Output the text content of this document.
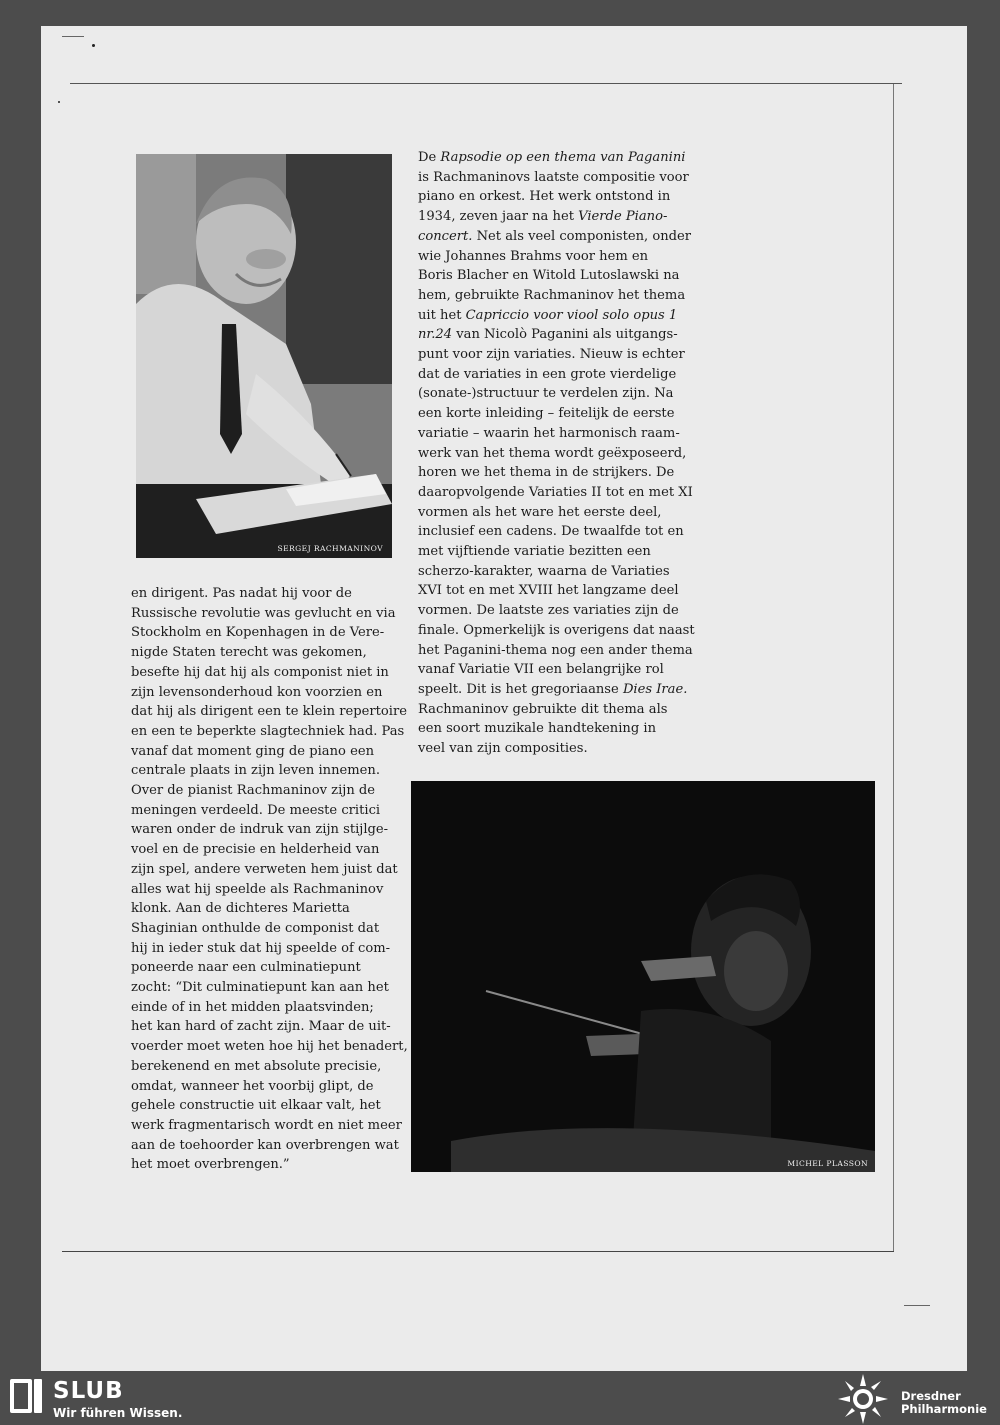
SERGEJ RACHMANINOV
MICHEL PLASSON

en dirigent. Pas nadat hij voor de

Russische revolutie was gevlucht en via

Stockholm en Kopenhagen in de Vere-

nigde Staten terecht was gekomen,

besefte hij dat hij als componist niet in

zijn levensonderhoud kon voorzien en

dat hij als dirigent een te klein repertoire

en een te beperkte slagtechniek had. Pas

vanaf dat moment ging de piano een

centrale plaats in zijn leven innemen.

Over de pianist Rachmaninov zijn de

meningen verdeeld. De meeste critici

waren onder de indruk van zijn stijlge-

voel en de precisie en helderheid van

zijn spel, andere verweten hem juist dat

alles wat hij speelde als Rachmaninov

klonk. Aan de dichteres Marietta

Shaginian onthulde de componist dat

hij in ieder stuk dat hij speelde of com-

poneerde naar een culminatiepunt

zocht: “Dit culminatiepunt kan aan het

einde of in het midden plaatsvinden;

het kan hard of zacht zijn. Maar de uit-

voerder moet weten hoe hij het benadert,

berekenend en met absolute precisie,

omdat, wanneer het voorbij glipt, de

gehele constructie uit elkaar valt, het

werk fragmentarisch wordt en niet meer

aan de toehoorder kan overbrengen wat

het moet overbrengen.”

De Rapsodie op een thema van Paganini

is Rachmaninovs laatste compositie voor

piano en orkest. Het werk ontstond in

1934, zeven jaar na het Vierde Piano-

concert. Net als veel componisten, onder

wie Johannes Brahms voor hem en

Boris Blacher en Witold Lutoslawski na

hem, gebruikte Rachmaninov het thema

uit het Capriccio voor viool solo opus 1

nr.24 van Nicolò Paganini als uitgangs-

punt voor zijn variaties. Nieuw is echter

dat de variaties in een grote vierdelige

(sonate-)structuur te verdelen zijn. Na

een korte inleiding – feitelijk de eerste

variatie – waarin het harmonisch raam-

werk van het thema wordt geëxposeerd,

horen we het thema in de strijkers. De

daaropvolgende Variaties II tot en met XI

vormen als het ware het eerste deel,

inclusief een cadens. De twaalfde tot en

met vijftiende variatie bezitten een

scherzo-karakter, waarna de Variaties

XVI tot en met XVIII het langzame deel

vormen. De laatste zes variaties zijn de

finale. Opmerkelijk is overigens dat naast

het Paganini-thema nog een ander thema

vanaf Variatie VII een belangrijke rol

speelt. Dit is het gregoriaanse Dies Irae.

Rachmaninov gebruikte dit thema als

een soort muzikale handtekening in

veel van zijn composities.

SLUB
Wir führen Wissen.
Dresdner
Philharmonie
